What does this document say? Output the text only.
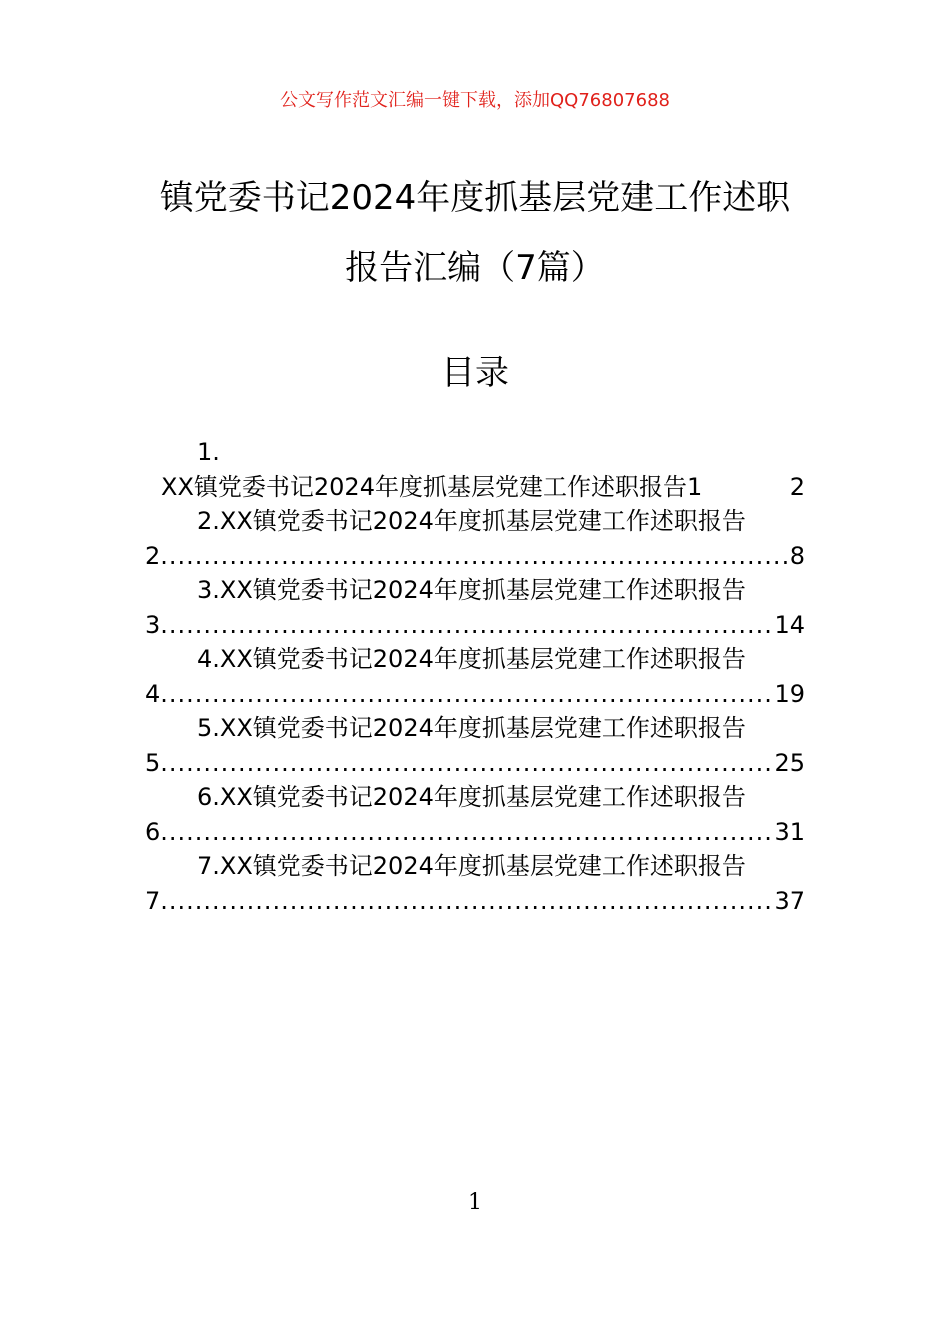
公文写作范文汇编一键下载，添加QQ76807688
镇党委书记2024年度抓基层党建工作述职
报告汇编（7篇）
目录
1.
XX镇党委书记2024年度抓基层党建工作述职报告1	2
2.XX镇党委书记2024年度抓基层党建工作述职报告
2 .....	8
3.XX镇党委书记2024年度抓基层党建工作述职报告
3 .....	14
4.XX镇党委书记2024年度抓基层党建工作述职报告
4 .....	19
5.XX镇党委书记2024年度抓基层党建工作述职报告
5 .....	25
6.XX镇党委书记2024年度抓基层党建工作述职报告
6 .....	31
7.XX镇党委书记2024年度抓基层党建工作述职报告
7 .....	37
1
